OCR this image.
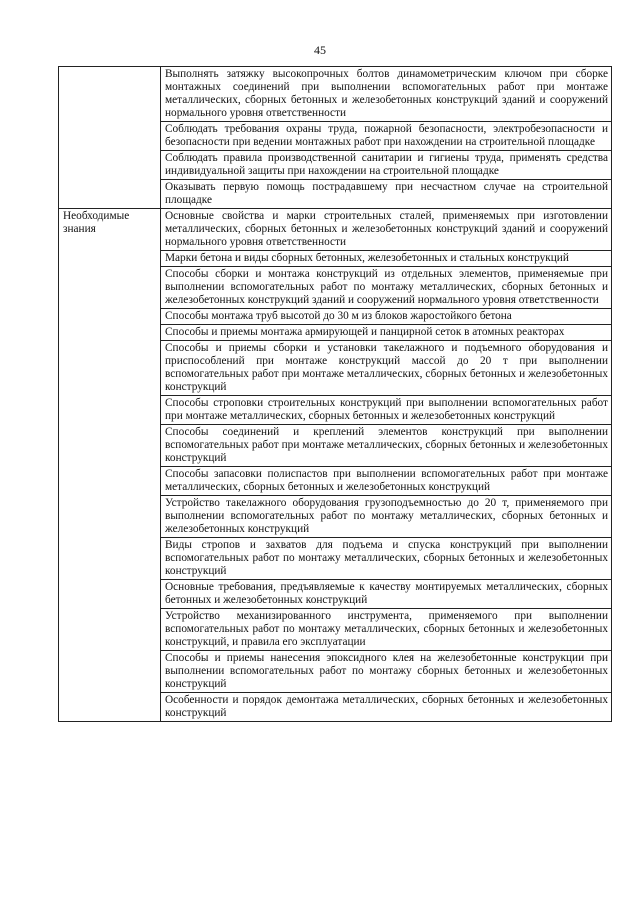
45
	Выполнять затяжку высокопрочных болтов динамометрическим ключом при сборке монтажных соединений при выполнении вспомогательных работ при монтаже металлических, сборных бетонных и железобетонных конструкций зданий и сооружений нормального уровня ответственности
	Соблюдать требования охраны труда, пожарной безопасности, электробезопасности и безопасности при ведении монтажных работ при нахождении на строительной площадке
	Соблюдать правила производственной санитарии и гигиены труда, применять средства индивидуальной защиты при нахождении на строительной площадке
	Оказывать первую помощь пострадавшему при несчастном случае на строительной площадке

Необходимые знания	Основные свойства и марки строительных сталей, применяемых при изготовлении металлических, сборных бетонных и железобетонных конструкций зданий и сооружений нормального уровня ответственности
	Марки бетона и виды сборных бетонных, железобетонных и стальных конструкций
	Способы сборки и монтажа конструкций из отдельных элементов, применяемые при выполнении вспомогательных работ по монтажу металлических, сборных бетонных и железобетонных конструкций зданий и сооружений нормального уровня ответственности
	Способы монтажа труб высотой до 30 м из блоков жаростойкого бетона
	Способы и приемы монтажа армирующей и панцирной сеток в атомных реакторах
	Способы и приемы сборки и установки такелажного и подъемного оборудования и приспособлений при монтаже конструкций массой до 20 т при выполнении вспомогательных работ при монтаже металлических, сборных бетонных и железобетонных конструкций
	Способы строповки строительных конструкций при выполнении вспомогательных работ при монтаже металлических, сборных бетонных и железобетонных конструкций
	Способы соединений и креплений элементов конструкций при выполнении вспомогательных работ при монтаже металлических, сборных бетонных и железобетонных конструкций
	Способы запасовки полиспастов при выполнении вспомогательных работ при монтаже металлических, сборных бетонных и железобетонных конструкций
	Устройство такелажного оборудования грузоподъемностью до 20 т, применяемого при выполнении вспомогательных работ по монтажу металлических, сборных бетонных и железобетонных конструкций
	Виды стропов и захватов для подъема и спуска конструкций при выполнении вспомогательных работ по монтажу металлических, сборных бетонных и железобетонных конструкций
	Основные требования, предъявляемые к качеству монтируемых металлических, сборных бетонных и железобетонных конструкций
	Устройство механизированного инструмента, применяемого при выполнении вспомогательных работ по монтажу металлических, сборных бетонных и железобетонных конструкций, и правила его эксплуатации
	Способы и приемы нанесения эпоксидного клея на железобетонные конструкции при выполнении вспомогательных работ по монтажу сборных бетонных и железобетонных конструкций
	Особенности и порядок демонтажа металлических, сборных бетонных и железобетонных конструкций
